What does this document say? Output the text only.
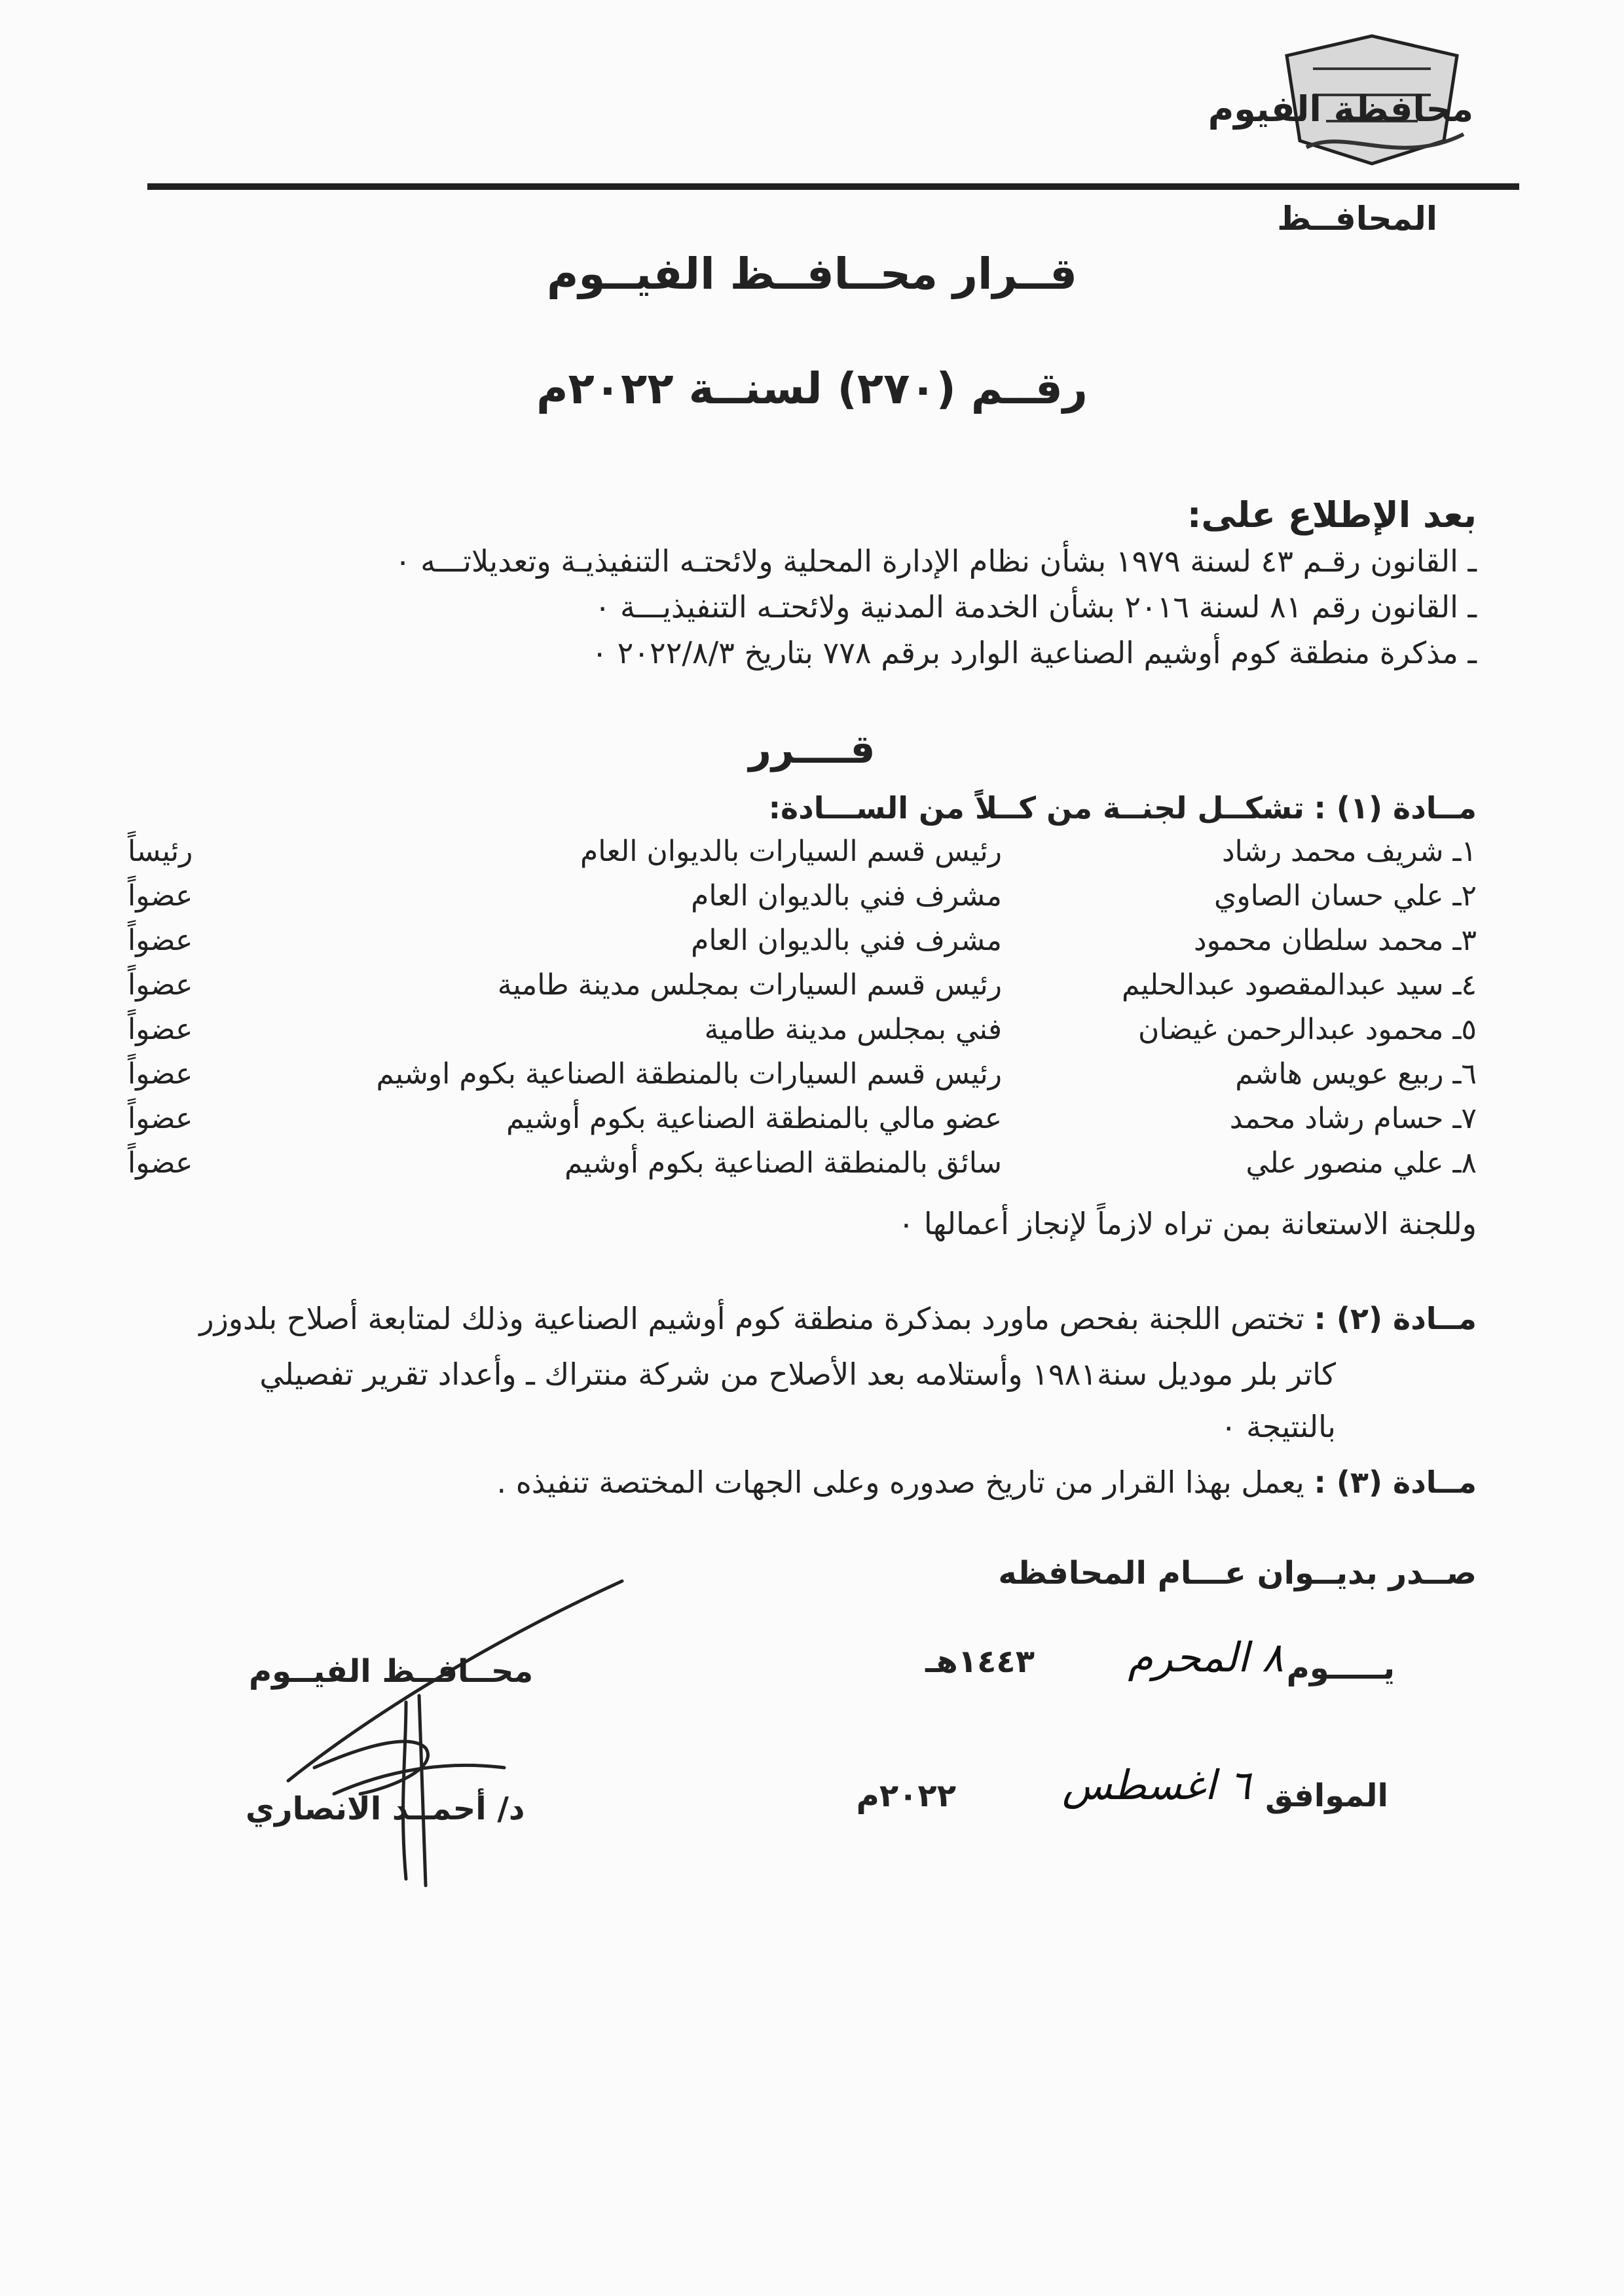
محافظة الفيوم
المحافــظ
قــرار محــافــظ الفيــوم
رقــم (٢٧٠) لسنــة ٢٠٢٢م
بعد الإطلاع على:
ـ القانون رقـم ٤٣ لسنة ١٩٧٩ بشأن نظام الإدارة المحلية ولائحتـه التنفيذيـة وتعديلاتـــه ٠
ـ القانون رقم ٨١ لسنة ٢٠١٦ بشأن الخدمة المدنية ولائحتـه التنفيذيـــة ٠
ـ مذكرة منطقة كوم أوشيم الصناعية الوارد برقم ٧٧٨ بتاريخ ٢٠٢٢/٨/٣ ٠
قــــرر
مــادة (١) : تشكــل لجنــة من كــلاً من الســـادة:
١ـ شريف محمد رشاد
رئيس قسم السيارات بالديوان العام
رئيساً
٢ـ علي حسان الصاوي
مشرف فني بالديوان العام
عضواً
٣ـ محمد سلطان محمود
مشرف فني بالديوان العام
عضواً
٤ـ سيد عبدالمقصود عبدالحليم
رئيس قسم السيارات بمجلس مدينة طامية
عضواً
٥ـ محمود عبدالرحمن غيضان
فني بمجلس مدينة طامية
عضواً
٦ـ ربيع عويس هاشم
رئيس قسم السيارات بالمنطقة الصناعية بكوم اوشيم
عضواً
٧ـ حسام رشاد محمد
عضو مالي بالمنطقة الصناعية بكوم أوشيم
عضواً
٨ـ علي منصور علي
سائق بالمنطقة الصناعية بكوم أوشيم
عضواً
وللجنة الاستعانة بمن تراه لازماً لإنجاز أعمالها ٠
مــادة (٢) : تختص اللجنة بفحص ماورد بمذكرة منطقة كوم أوشيم الصناعية وذلك لمتابعة أصلاح بلدوزر
كاتر بلر موديل سنة١٩٨١ وأستلامه بعد الأصلاح من شركة منتراك ـ وأعداد تقرير تفصيلي
بالنتيجة ٠
مــادة (٣) : يعمل بهذا القرار من تاريخ صدوره وعلى الجهات المختصة تنفيذه .
صــدر بديــوان عـــام المحافظه
يـــــوم
٨ المحرم
١٤٤٣هـ
الموافق
٦ اغسطس
٢٠٢٢م
محــافــظ الفيــوم
د/ أحمــد الانصاري
